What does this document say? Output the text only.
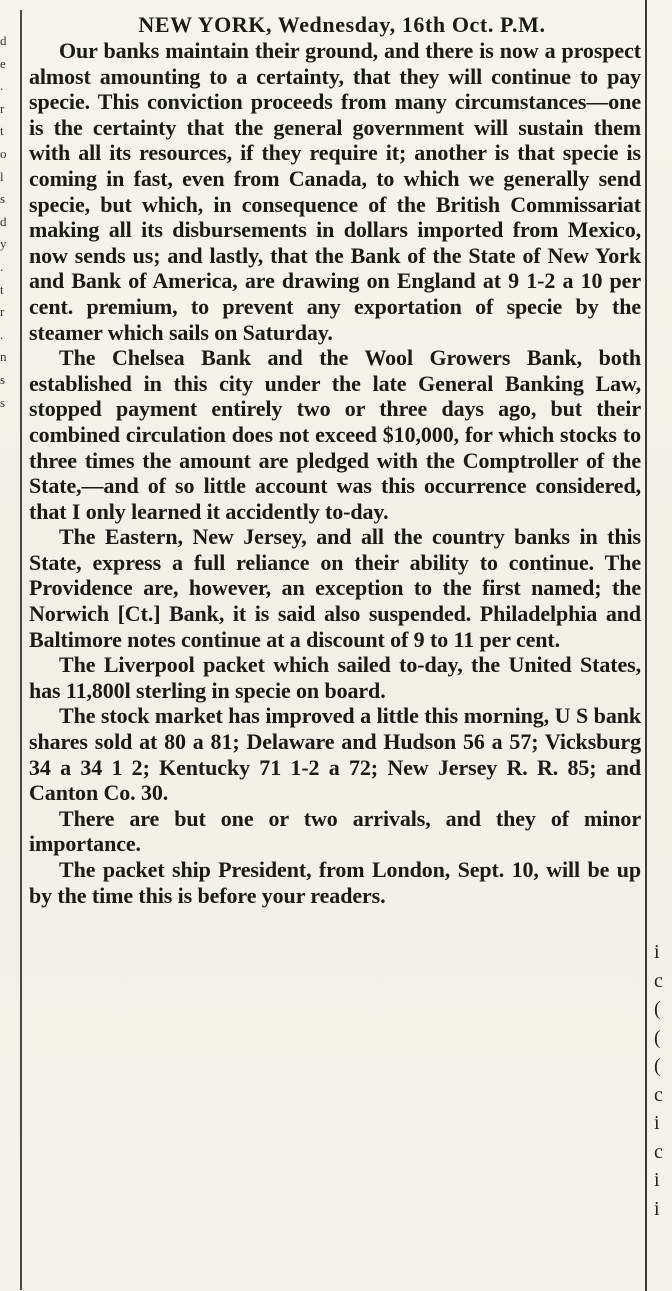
d
e
.
r
t
o
l
s
d
y
.
t
r
.
n
s
s
i
c
(
(
(
c
i
c
i
i
NEW YORK, Wednesday, 16th Oct. P.M.

Our banks maintain their ground, and there is now a prospect almost amounting to a certainty, that they will continue to pay specie. This conviction proceeds from many circumstances—one is the certainty that the general government will sustain them with all its resources, if they require it; another is that specie is coming in fast, even from Canada, to which we generally send specie, but which, in consequence of the British Commissariat making all its disbursements in dollars imported from Mexico, now sends us; and lastly, that the Bank of the State of New York and Bank of America, are drawing on England at 9 1-2 a 10 per cent. premium, to prevent any exportation of specie by the steamer which sails on Saturday.

The Chelsea Bank and the Wool Growers Bank, both established in this city under the late General Banking Law, stopped payment entirely two or three days ago, but their combined circulation does not exceed $10,000, for which stocks to three times the amount are pledged with the Comptroller of the State,—and of so little account was this occurrence considered, that I only learned it accidently to-day.

The Eastern, New Jersey, and all the country banks in this State, express a full reliance on their ability to continue. The Providence are, however, an exception to the first named; the Norwich [Ct.] Bank, it is said also suspended. Philadelphia and Baltimore notes continue at a discount of 9 to 11 per cent.

The Liverpool packet which sailed to-day, the United States, has 11,800l sterling in specie on board.

The stock market has improved a little this morning, U S bank shares sold at 80 a 81; Delaware and Hudson 56 a 57; Vicksburg 34 a 34 1 2; Kentucky 71 1-2 a 72; New Jersey R. R. 85; and Canton Co. 30.

There are but one or two arrivals, and they of minor importance.

The packet ship President, from London, Sept. 10, will be up by the time this is before your readers.
